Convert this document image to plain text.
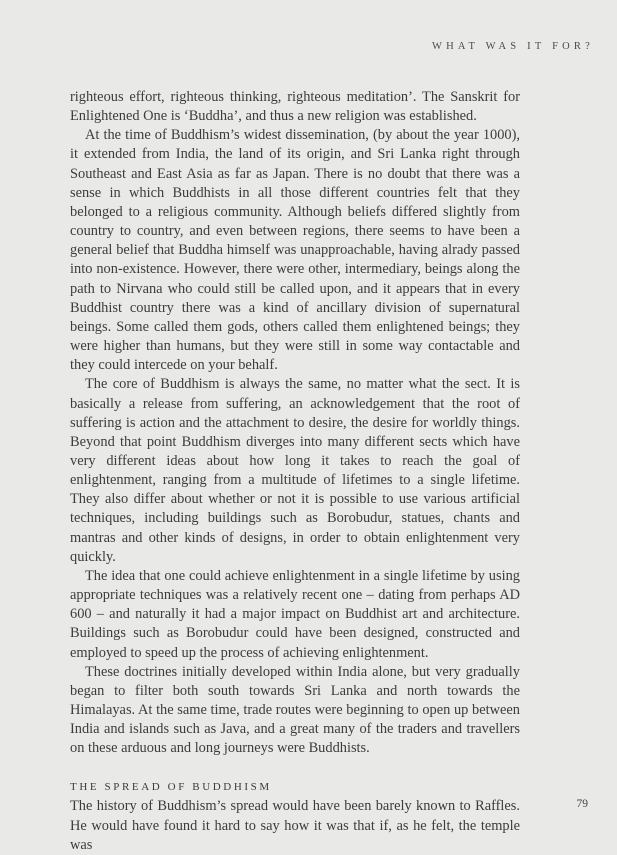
WHAT WAS IT FOR?

righteous effort, righteous thinking, righteous meditation’. The Sanskrit for Enlightened One is ‘Buddha’, and thus a new religion was established.

At the time of Buddhism’s widest dissemination, (by about the year 1000), it extended from India, the land of its origin, and Sri Lanka right through Southeast and East Asia as far as Japan. There is no doubt that there was a sense in which Buddhists in all those different countries felt that they belonged to a religious community. Although beliefs differed slightly from country to country, and even between regions, there seems to have been a general belief that Buddha himself was unapproachable, having alrady passed into non-existence. However, there were other, intermediary, beings along the path to Nirvana who could still be called upon, and it appears that in every Buddhist country there was a kind of ancillary division of supernatural beings. Some called them gods, others called them enlightened beings; they were higher than humans, but they were still in some way contactable and they could intercede on your behalf.

The core of Buddhism is always the same, no matter what the sect. It is basically a release from suffering, an acknowledgement that the root of suffering is action and the attachment to desire, the desire for worldly things. Beyond that point Buddhism diverges into many different sects which have very different ideas about how long it takes to reach the goal of enlightenment, ranging from a multitude of lifetimes to a single lifetime. They also differ about whether or not it is possible to use various artificial techniques, including buildings such as Borobudur, statues, chants and mantras and other kinds of designs, in order to obtain enlightenment very quickly.

The idea that one could achieve enlightenment in a single lifetime by using appropriate techniques was a relatively recent one – dating from perhaps AD 600 – and naturally it had a major impact on Buddhist art and architecture. Buildings such as Borobudur could have been designed, constructed and employed to speed up the process of achieving enlightenment.

These doctrines initially developed within India alone, but very gradually began to filter both south towards Sri Lanka and north towards the Himalayas. At the same time, trade routes were beginning to open up between India and islands such as Java, and a great many of the traders and travellers on these arduous and long journeys were Buddhists.

THE SPREAD OF BUDDHISM

The history of Buddhism’s spread would have been barely known to Raffles. He would have found it hard to say how it was that if, as he felt, the temple was

79
